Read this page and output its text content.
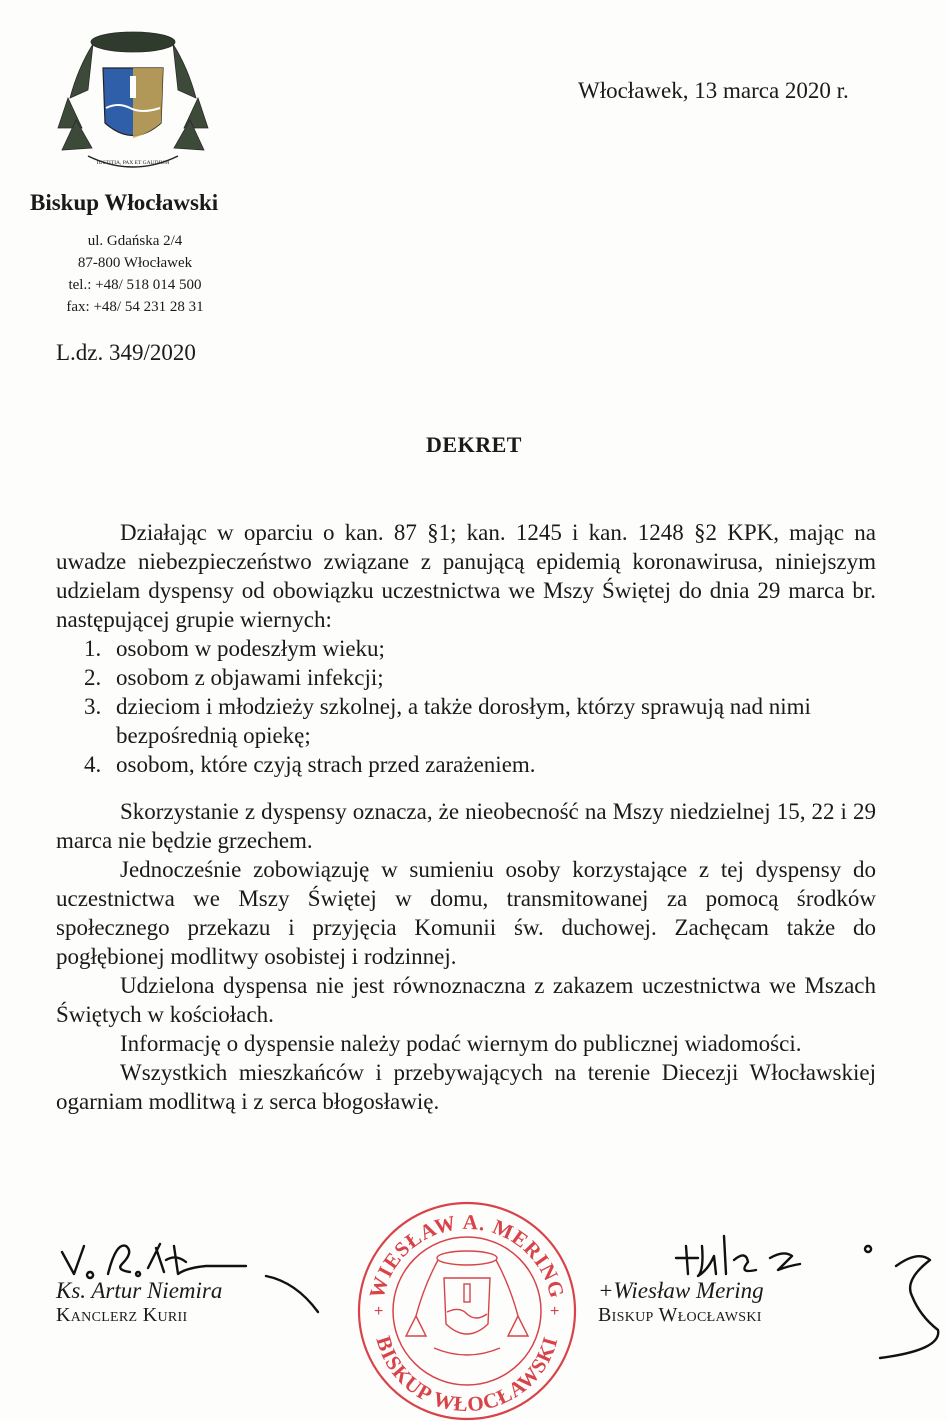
IUSTITIA, PAX ET GAUDIUM
Włocławek, 13 marca 2020 r.
Biskup Włocławski
ul. Gdańska 2/4
87-800 Włocławek
tel.: +48/ 518 014 500
fax: +48/ 54 231 28 31
L.dz. 349/2020
DEKRET

Działając w oparciu o kan. 87 §1; kan. 1245 i kan. 1248 §2 KPK, mając na uwadze niebezpieczeństwo związane z panującą epidemią koronawirusa, niniejszym udzielam dyspensy od obowiązku uczestnictwa we Mszy Świętej do dnia 29 marca br. następującej grupie wiernych:

1. osobom w podeszłym wieku;
2. osobom z objawami infekcji;
3. dzieciom i młodzieży szkolnej, a także dorosłym, którzy sprawują nad nimi bezpośrednią opiekę;
4. osobom, które czyją strach przed zarażeniem.

Skorzystanie z dyspensy oznacza, że nieobecność na Mszy niedzielnej 15, 22 i 29 marca nie będzie grzechem.

Jednocześnie zobowiązuję w sumieniu osoby korzystające z tej dyspensy do uczestnictwa we Mszy Świętej w domu, transmitowanej za pomocą środków społecznego przekazu i przyjęcia Komunii św. duchowej. Zachęcam także do pogłębionej modlitwy osobistej i rodzinnej.

Udzielona dyspensa nie jest równoznaczna z zakazem uczestnictwa we Mszach Świętych w kościołach.

Informację o dyspensie należy podać wiernym do publicznej wiadomości.

Wszystkich mieszkańców i przebywających na terenie Diecezji Włocławskiej ogarniam modlitwą i z serca błogosławię.

Ks. Artur Niemira
Kanclerz Kurii
WIESŁAW A. MERING
BISKUP WŁOCŁAWSKI
+	+
+Wiesław Mering
Biskup Włocławski
